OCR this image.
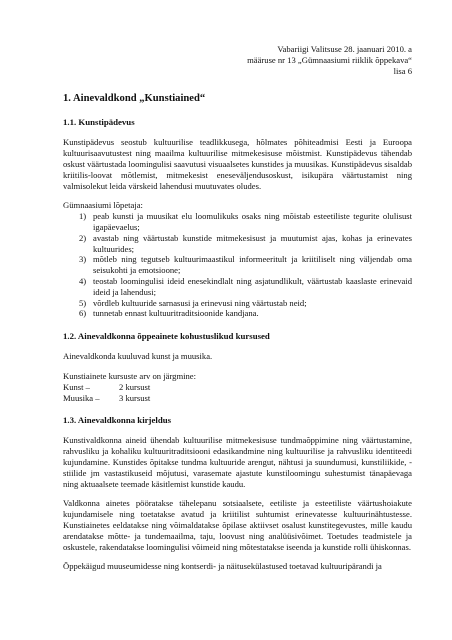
Vabariigi Valitsuse 28. jaanuari 2010. a
määruse nr 13 „Gümnaasiumi riiklik õppekava“
lisa 6
1. Ainevaldkond „Kunstiained“
1.1. Kunstipädevus

Kunstipädevus seostub kultuurilise teadlikkusega, hõlmates põhiteadmisi Eesti ja Euroopa kultuurisaavutustest ning maailma kultuurilise mitmekesisuse mõistmist. Kunstipädevus tähendab oskust väärtustada loomingulisi saavutusi visuaalsetes kunstides ja muusikas. Kunstipädevus sisaldab kriitilis-loovat mõtlemist, mitmekesist eneseväljendusoskust, isikupära väärtustamist ning valmisolekut leida värskeid lahendusi muutuvates oludes.

Gümnaasiumi lõpetaja:

1) peab kunsti ja muusikat elu loomulikuks osaks ning mõistab esteetiliste tegurite olulisust igapäevaelus;
2) avastab ning väärtustab kunstide mitmekesisust ja muutumist ajas, kohas ja erinevates kultuurides;
3) mõtleb ning tegutseb kultuurimaastikul informeeritult ja kriitiliselt ning väljendab oma seisukohti ja emotsioone;
4) teostab loomingulisi ideid enesekindlalt ning asjatundlikult, väärtustab kaaslaste erinevaid ideid ja lahendusi;
5) võrdleb kultuuride sarnasusi ja erinevusi ning väärtustab neid;
6) tunnetab ennast kultuuritraditsioonide kandjana.
1.2. Ainevaldkonna õppeainete kohustuslikud kursused

Ainevaldkonda kuuluvad kunst ja muusika.

Kunstiainete kursuste arv on järgmine:

Kunst –	2 kursust
Muusika –	3 kursust
1.3. Ainevaldkonna kirjeldus

Kunstivaldkonna aineid ühendab kultuurilise mitmekesisuse tundmaõppimine ning väärtustamine, rahvusliku ja kohaliku kultuuritraditsiooni edasikandmine ning kultuurilise ja rahvusliku identiteedi kujundamine. Kunstides õpitakse tundma kultuuride arengut, nähtusi ja suundumusi, kunstiliikide, -stiilide jm vastastikuseid mõjutusi, varasemate ajastute kunstiloomingu suhestumist tänapäevaga ning aktuaalsete teemade käsitlemist kunstide kaudu.

Valdkonna ainetes pööratakse tähelepanu sotsiaalsete, eetiliste ja esteetiliste väärtushoiakute kujundamisele ning toetatakse avatud ja kriitilist suhtumist erinevatesse kultuurinähtustesse. Kunstiainetes eeldatakse ning võimaldatakse õpilase aktiivset osalust kunstitegevustes, mille kaudu arendatakse mõtte- ja tundemaailma, taju, loovust ning analüüsivõimet. Toetudes teadmistele ja oskustele, rakendatakse loomingulisi võimeid ning mõtestatakse iseenda ja kunstide rolli ühiskonnas.

Õppekäigud muuseumidesse ning kontserdi- ja näitusekülastused toetavad kultuuripärandi ja
